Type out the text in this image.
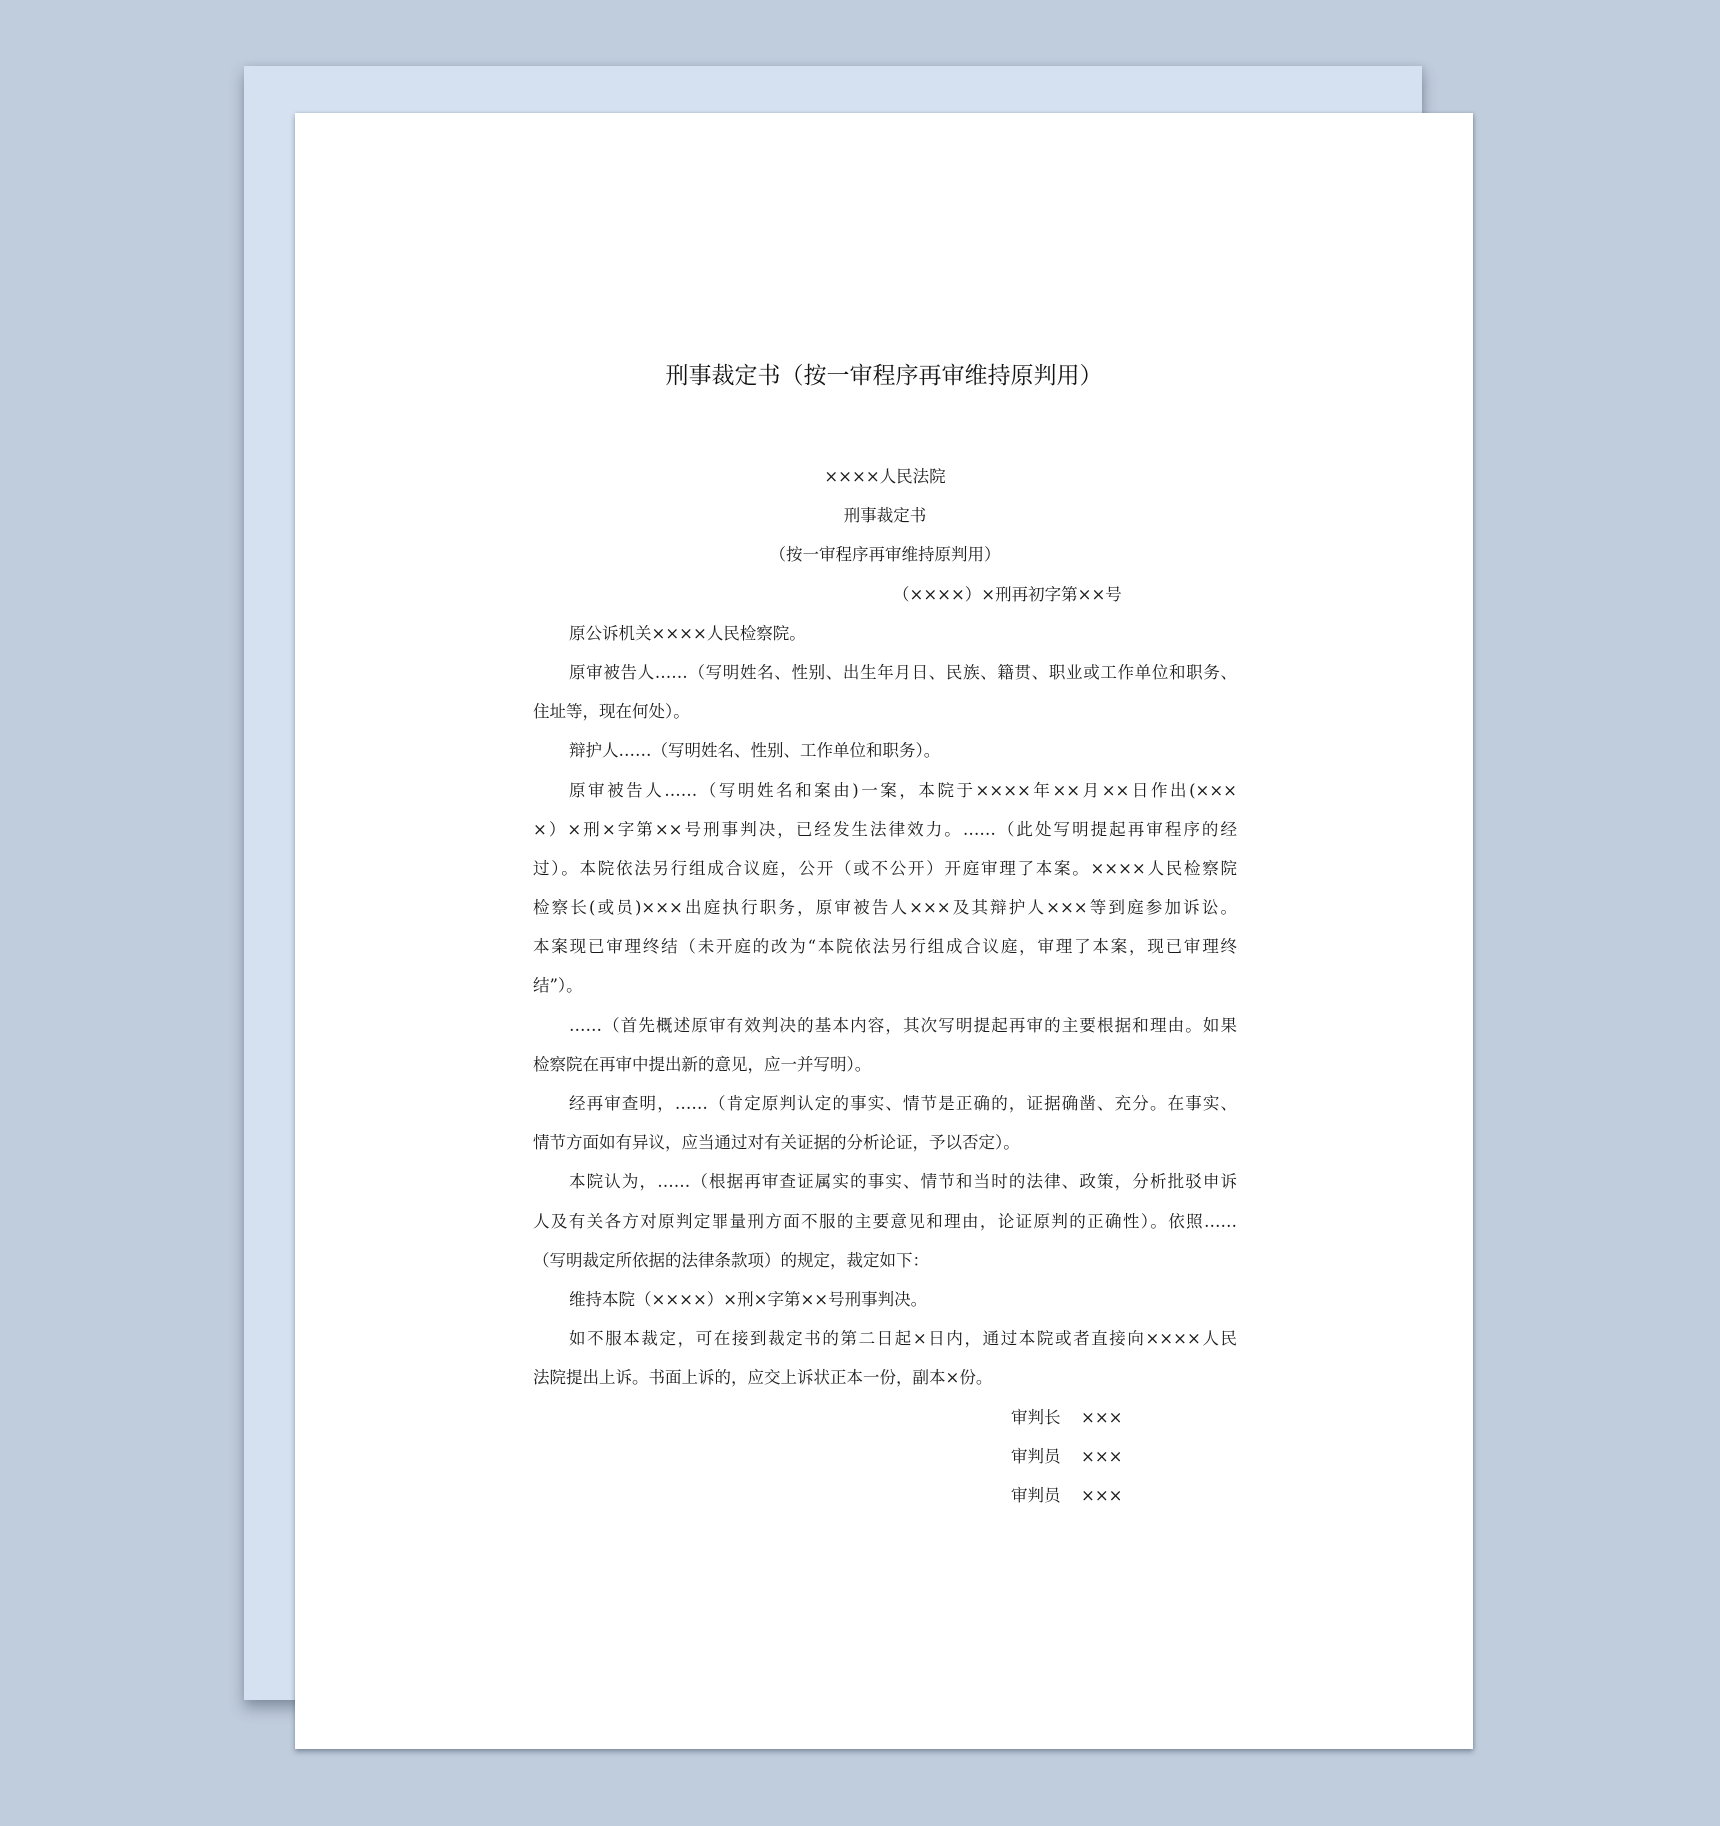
刑事裁定书（按一审程序再审维持原判用）
××××人民法院
刑事裁定书
（按一审程序再审维持原判用）
（××××）×刑再初字第××号
原公诉机关××××人民检察院。
原审被告人……（写明姓名、性别、出生年月日、民族、籍贯、职业或工作单位和职务、
住址等，现在何处）。
辩护人……（写明姓名、性别、工作单位和职务）。
原审被告人……（写明姓名和案由)一案，本院于××××年××月××日作出(×××
×）×刑×字第××号刑事判决，已经发生法律效力。……（此处写明提起再审程序的经
过）。本院依法另行组成合议庭，公开（或不公开）开庭审理了本案。××××人民检察院
检察长(或员)×××出庭执行职务，原审被告人×××及其辩护人×××等到庭参加诉讼。
本案现已审理终结（未开庭的改为“本院依法另行组成合议庭，审理了本案，现已审理终
结”）。
……（首先概述原审有效判决的基本内容，其次写明提起再审的主要根据和理由。如果
检察院在再审中提出新的意见，应一并写明）。
经再审查明，……（肯定原判认定的事实、情节是正确的，证据确凿、充分。在事实、
情节方面如有异议，应当通过对有关证据的分析论证，予以否定）。
本院认为，……（根据再审查证属实的事实、情节和当时的法律、政策，分析批驳申诉
人及有关各方对原判定罪量刑方面不服的主要意见和理由，论证原判的正确性）。依照……
（写明裁定所依据的法律条款项）的规定，裁定如下：
维持本院（××××）×刑×字第××号刑事判决。
如不服本裁定，可在接到裁定书的第二日起×日内，通过本院或者直接向××××人民
法院提出上诉。书面上诉的，应交上诉状正本一份，副本×份。
审判长 ×××
审判员 ×××
审判员 ×××
